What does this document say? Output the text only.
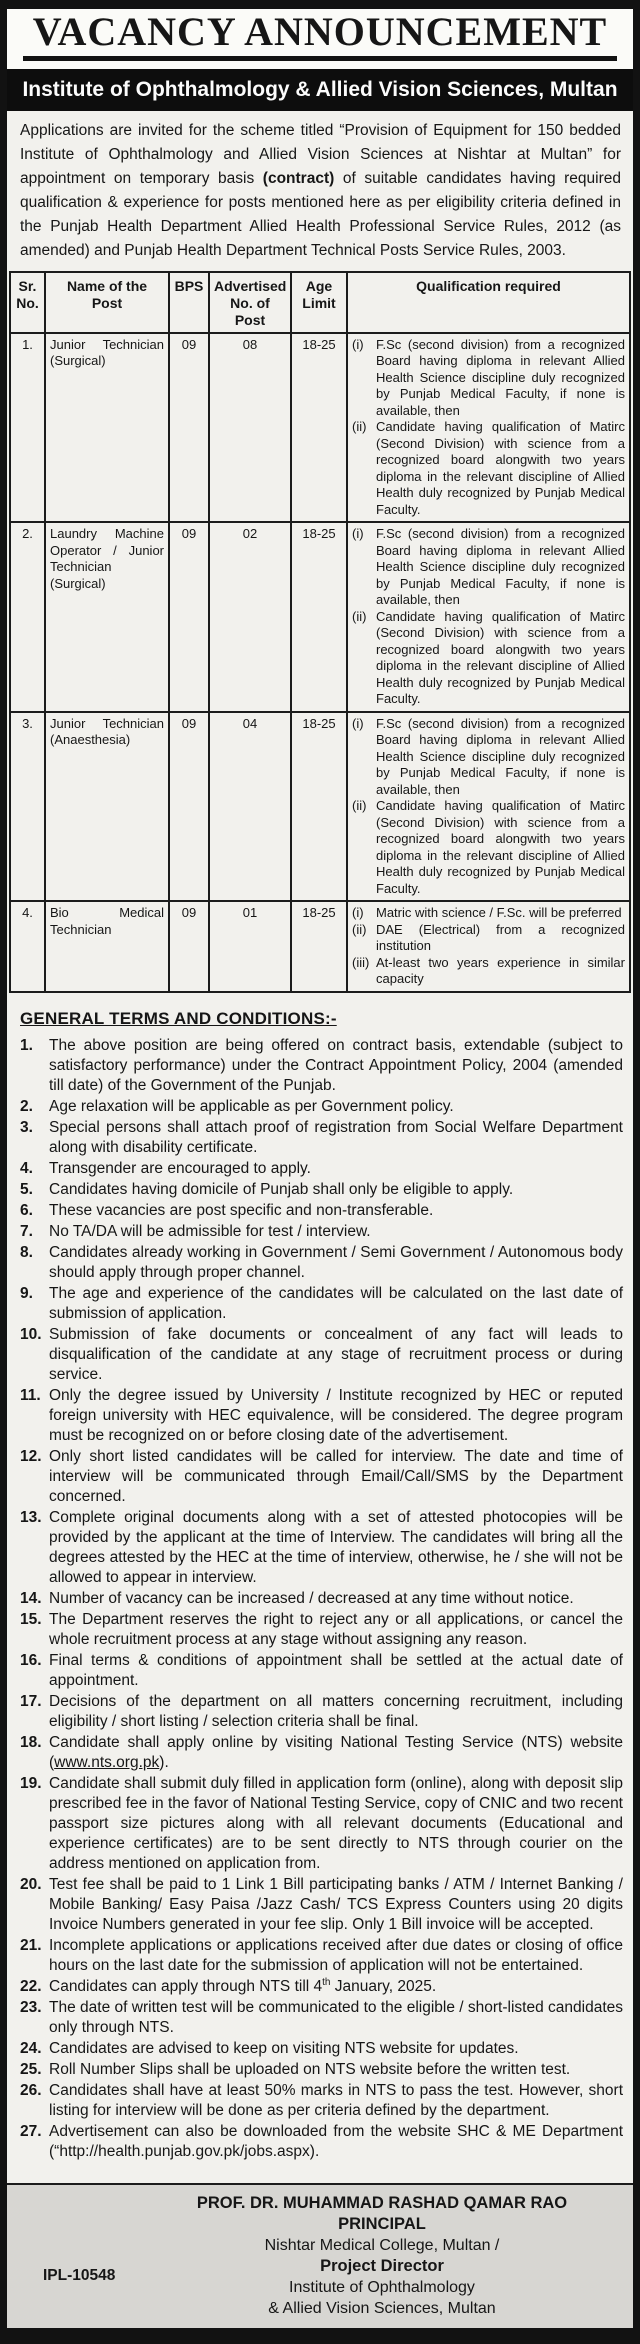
VACANCY ANNOUNCEMENT
Institute of Ophthalmology & Allied Vision Sciences, Multan

Applications are invited for the scheme titled “Provision of Equipment for 150 bedded Institute of Ophthalmology and Allied Vision Sciences at Nishtar at Multan” for appointment on temporary basis (contract) of suitable candidates having required qualification & experience for posts mentioned here as per eligibility criteria defined in the Punjab Health Department Allied Health Professional Service Rules, 2012 (as amended) and Punjab Health Department Technical Posts Service Rules, 2003.

Sr. No.	Name of the Post	BPS	Advertised No. of Post	Age Limit	Qualification required
1.	Junior Technician (Surgical)	09	08	18-25	(i) F.Sc (second division) from a recognized Board having diploma in relevant Allied Health Science discipline duly recognized by Punjab Medical Faculty, if none is available, then
(ii) Candidate having qualification of Matirc (Second Division) with science from a recognized board alongwith two years diploma in the relevant discipline of Allied Health duly recognized by Punjab Medical Faculty.

2.	Laundry Machine Operator / Junior Technician (Surgical)	09	02	18-25	(i) F.Sc (second division) from a recognized Board having diploma in relevant Allied Health Science discipline duly recognized by Punjab Medical Faculty, if none is available, then
(ii) Candidate having qualification of Matirc (Second Division) with science from a recognized board alongwith two years diploma in the relevant discipline of Allied Health duly recognized by Punjab Medical Faculty.

3.	Junior Technician (Anaesthesia)	09	04	18-25	(i) F.Sc (second division) from a recognized Board having diploma in relevant Allied Health Science discipline duly recognized by Punjab Medical Faculty, if none is available, then
(ii) Candidate having qualification of Matirc (Second Division) with science from a recognized board alongwith two years diploma in the relevant discipline of Allied Health duly recognized by Punjab Medical Faculty.

4.	Bio Medical Technician	09	01	18-25	(i) Matric with science / F.Sc. will be preferred
(ii) DAE (Electrical) from a recognized institution
(iii) At-least two years experience in similar capacity
GENERAL TERMS AND CONDITIONS:-
1.	The above position are being offered on contract basis, extendable (subject to satisfactory performance) under the Contract Appointment Policy, 2004 (amended till date) of the Government of the Punjab.
2.	Age relaxation will be applicable as per Government policy.
3.	Special persons shall attach proof of registration from Social Welfare Department along with disability certificate.
4.	Transgender are encouraged to apply.
5.	Candidates having domicile of Punjab shall only be eligible to apply.
6.	These vacancies are post specific and non-transferable.
7.	No TA/DA will be admissible for test / interview.
8.	Candidates already working in Government / Semi Government / Autonomous body should apply through proper channel.
9.	The age and experience of the candidates will be calculated on the last date of submission of application.
10. Submission of fake documents or concealment of any fact will leads to disqualification of the candidate at any stage of recruitment process or during service.
11. Only the degree issued by University / Institute recognized by HEC or reputed foreign university with HEC equivalence, will be considered. The degree program must be recognized on or before closing date of the advertisement.
12. Only short listed candidates will be called for interview. The date and time of interview will be communicated through Email/Call/SMS by the Department concerned.
13. Complete original documents along with a set of attested photocopies will be provided by the applicant at the time of Interview. The candidates will bring all the degrees attested by the HEC at the time of interview, otherwise, he / she will not be allowed to appear in interview.
14. Number of vacancy can be increased / decreased at any time without notice.
15. The Department reserves the right to reject any or all applications, or cancel the whole recruitment process at any stage without assigning any reason.
16. Final terms & conditions of appointment shall be settled at the actual date of appointment.
17. Decisions of the department on all matters concerning recruitment, including eligibility / short listing / selection criteria shall be final.
18. Candidate shall apply online by visiting National Testing Service (NTS) website (www.nts.org.pk).
19. Candidate shall submit duly filled in application form (online), along with deposit slip prescribed fee in the favor of National Testing Service, copy of CNIC and two recent passport size pictures along with all relevant documents (Educational and experience certificates) are to be sent directly to NTS through courier on the address mentioned on application from.
20. Test fee shall be paid to 1 Link 1 Bill participating banks / ATM / Internet Banking / Mobile Banking/ Easy Paisa /Jazz Cash/ TCS Express Counters using 20 digits Invoice Numbers generated in your fee slip. Only 1 Bill invoice will be accepted.
21. Incomplete applications or applications received after due dates or closing of office hours on the last date for the submission of application will not be entertained.
22. Candidates can apply through NTS till 4th January, 2025.
23. The date of written test will be communicated to the eligible / short-listed candidates only through NTS.
24. Candidates are advised to keep on visiting NTS website for updates.
25. Roll Number Slips shall be uploaded on NTS website before the written test.
26. Candidates shall have at least 50% marks in NTS to pass the test. However, short listing for interview will be done as per criteria defined by the department.
27. Advertisement can also be downloaded from the website SHC & ME Department (“http://health.punjab.gov.pk/jobs.aspx).
IPL-10548
PROF. DR. MUHAMMAD RASHAD QAMAR RAO
PRINCIPAL
Nishtar Medical College, Multan /
Project Director
Institute of Ophthalmology
& Allied Vision Sciences, Multan
